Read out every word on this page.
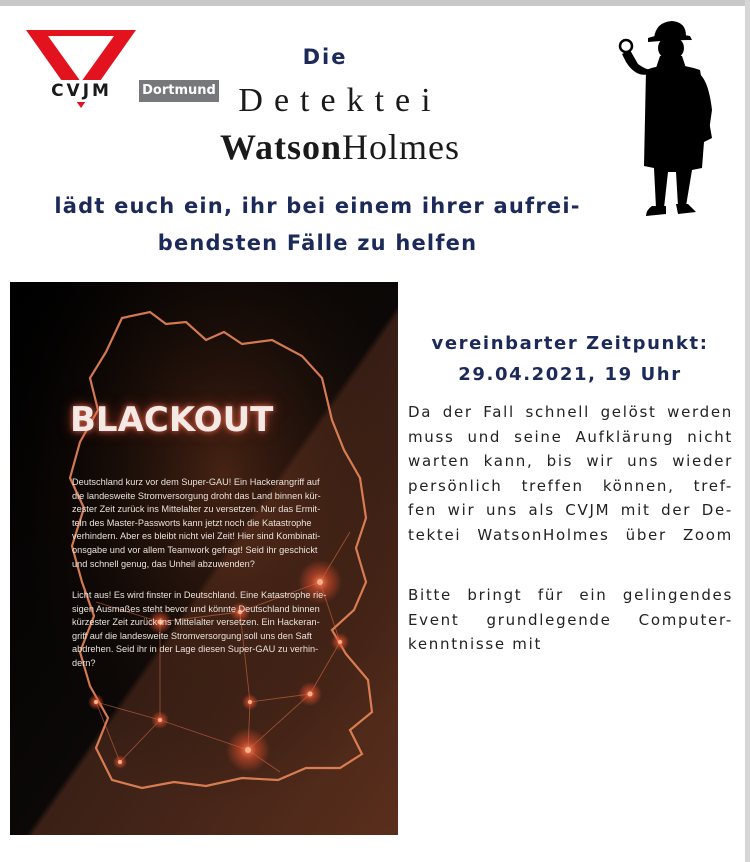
CVJM	Dortmund
Die
Detektei
WatsonHolmes
lädt euch ein, ihr bei einem ihrer aufrei-
bendsten Fälle zu helfen
BLACKOUT
Deutschland kurz vor dem Super-GAU! Ein Hackerangriff auf
die landesweite Stromversorgung droht das Land binnen kür-
zester Zeit zurück ins Mittelalter zu versetzen. Nur das Ermit-
teln des Master-Passworts kann jetzt noch die Katastrophe
verhindern. Aber es bleibt nicht viel Zeit! Hier sind Kombinati-
onsgabe und vor allem Teamwork gefragt! Seid ihr geschickt
und schnell genug, das Unheil abzuwenden?
Licht aus! Es wird finster in Deutschland. Eine Katastrophe rie-
sigen Ausmaßes steht bevor und könnte Deutschland binnen
kürzester Zeit zurück ins Mittelalter versetzen. Ein Hackeran-
griff auf die landesweite Stromversorgung soll uns den Saft
abdrehen. Seid ihr in der Lage diesen Super-GAU zu verhin-
dern?
vereinbarter Zeitpunkt:
29.04.2021, 19 Uhr
Da der Fall schnell gelöst werden
muss und seine Aufklärung nicht
warten kann, bis wir uns wieder
persönlich treffen können, tref-
fen wir uns als CVJM mit der De-
tektei WatsonHolmes über Zoom
Bitte bringt für ein gelingendes
Event grundlegende Computer-
kenntnisse mit
